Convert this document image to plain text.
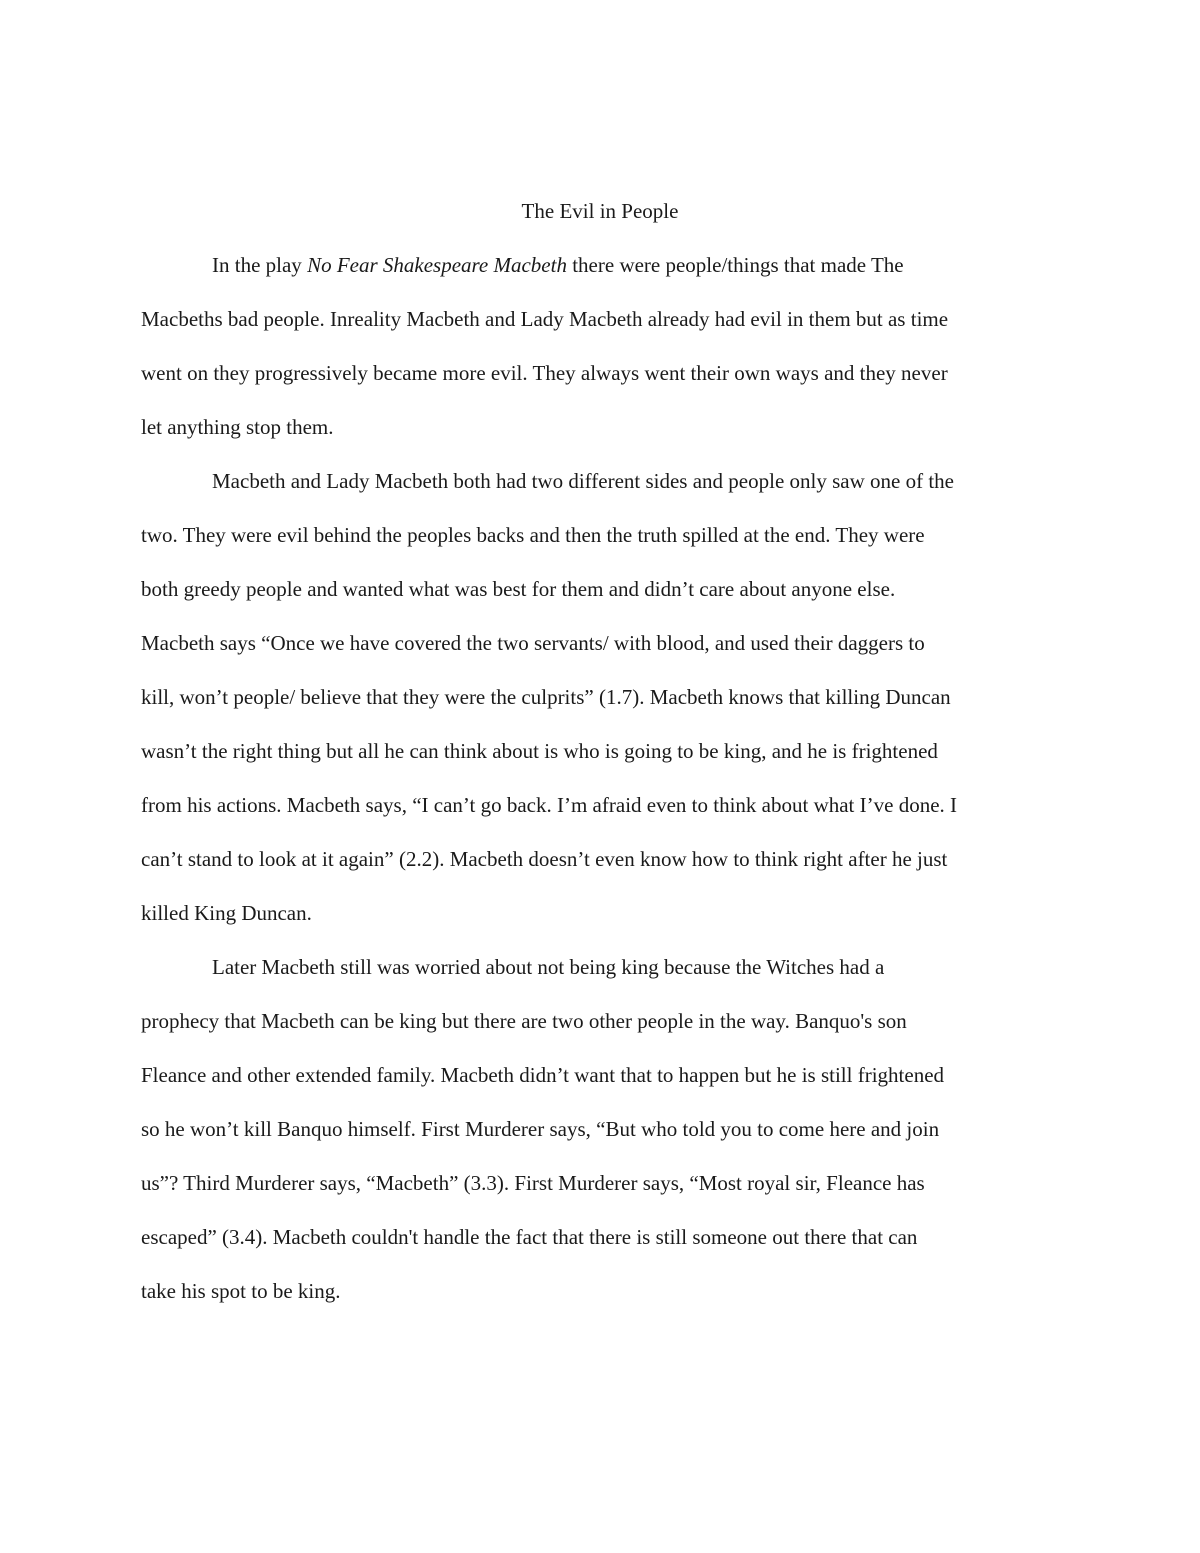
The Evil in People
In the play No Fear Shakespeare Macbeth there were people/things that made The
Macbeths bad people. Inreality Macbeth and Lady Macbeth already had evil in them but as time
went on they progressively became more evil. They always went their own ways and they never
let anything stop them.
Macbeth and Lady Macbeth both had two different sides and people only saw one of the
two. They were evil behind the peoples backs and then the truth spilled at the end. They were
both greedy people and wanted what was best for them and didn’t care about anyone else.
Macbeth says “Once we have covered the two servants/ with blood, and used their daggers to
kill, won’t people/ believe that they were the culprits” (1.7). Macbeth knows that killing Duncan
wasn’t the right thing but all he can think about is who is going to be king, and he is frightened
from his actions. Macbeth says, “I can’t go back. I’m afraid even to think about what I’ve done. I
can’t stand to look at it again” (2.2). Macbeth doesn’t even know how to think right after he just
killed King Duncan.
Later Macbeth still was worried about not being king because the Witches had a
prophecy that Macbeth can be king but there are two other people in the way. Banquo's son
Fleance and other extended family. Macbeth didn’t want that to happen but he is still frightened
so he won’t kill Banquo himself. First Murderer says, “But who told you to come here and join
us”? Third Murderer says, “Macbeth” (3.3). First Murderer says, “Most royal sir, Fleance has
escaped” (3.4). Macbeth couldn't handle the fact that there is still someone out there that can
take his spot to be king.
